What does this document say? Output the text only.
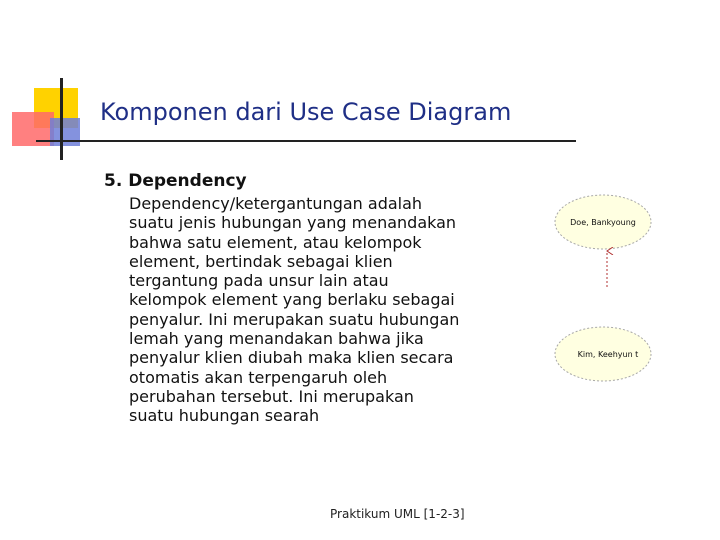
Komponen dari Use Case Diagram
5. Dependency
Dependency/ketergantungan adalah
suatu jenis hubungan yang menandakan
bahwa satu element, atau kelompok
element, bertindak sebagai klien
tergantung pada unsur lain atau
kelompok element yang berlaku sebagai
penyalur. Ini merupakan suatu hubungan
lemah yang menandakan bahwa jika
penyalur klien diubah maka klien secara
otomatis akan terpengaruh oleh
perubahan tersebut. Ini merupakan
suatu hubungan searah
Doe, Bankyoung
Kim, Keehyun t
Praktikum UML [1-2-3]
